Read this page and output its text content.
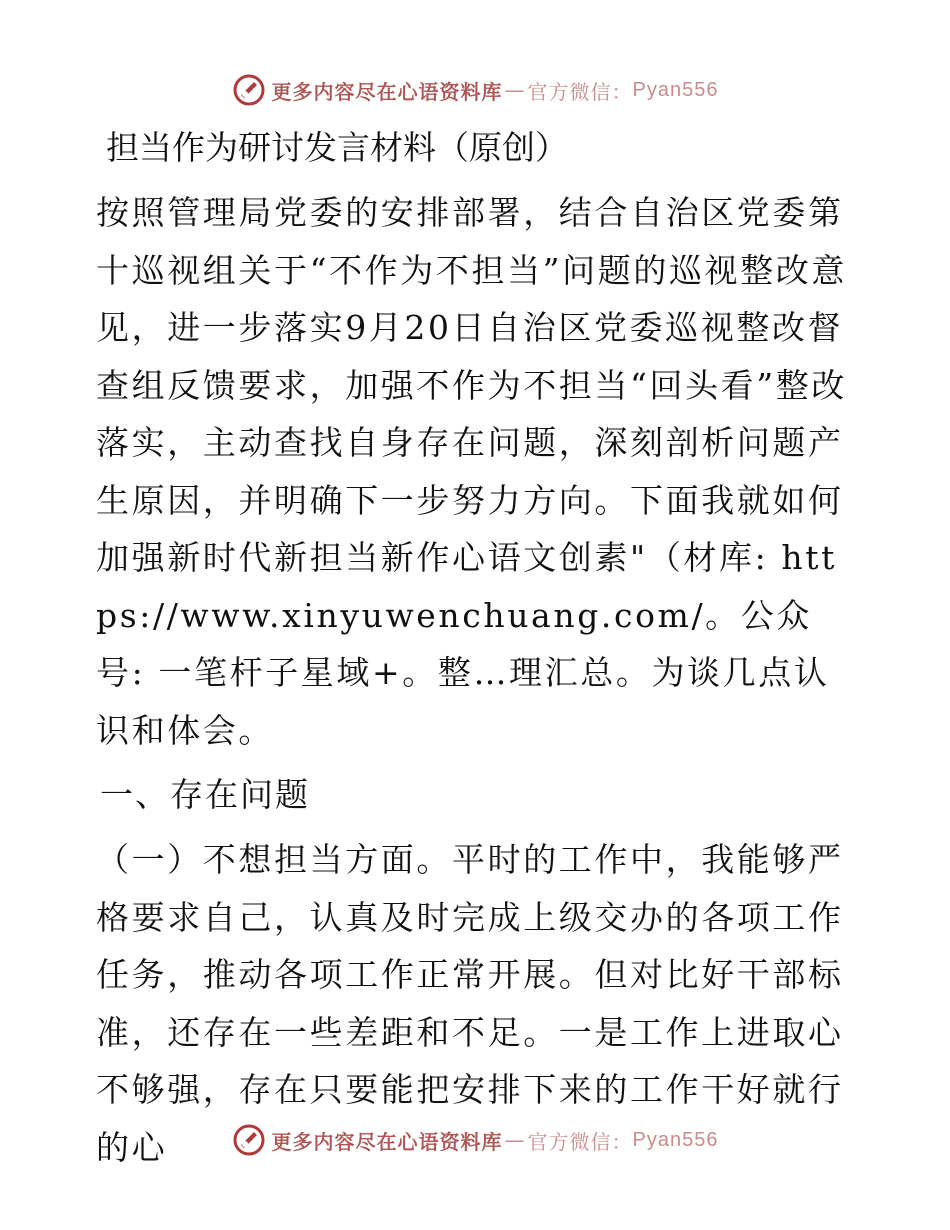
更多内容尽在心语资料库 — 官方微信： Pyan556
担当作为研讨发言材料（原创）

按照管理局党委的安排部署，结合自治区党委第十巡视组关于“不作为不担当”问题的巡视整改意见，进一步落实9月20日自治区党委巡视整改督查组反馈要求，加强不作为不担当“回头看”整改落实，主动查找自身存在问题，深刻剖析问题产生原因，并明确下一步努力方向。下面我就如何加强新时代新担当新作心语文创素"（材库: https://www.xinyuwenchuang.com/。公众号: 一笔杆子星域+。整…理汇总。为谈几点认识和体会。

一、存在问题

（一）不想担当方面。平时的工作中，我能够严格要求自己，认真及时完成上级交办的各项工作任务，推动各项工作正常开展。但对比好干部标准，还存在一些差距和不足。一是工作上进取心不够强，存在只要能把安排下来的工作干好就行的心	更多内容尽在心语资料库 — 官方微信： Pyan556
